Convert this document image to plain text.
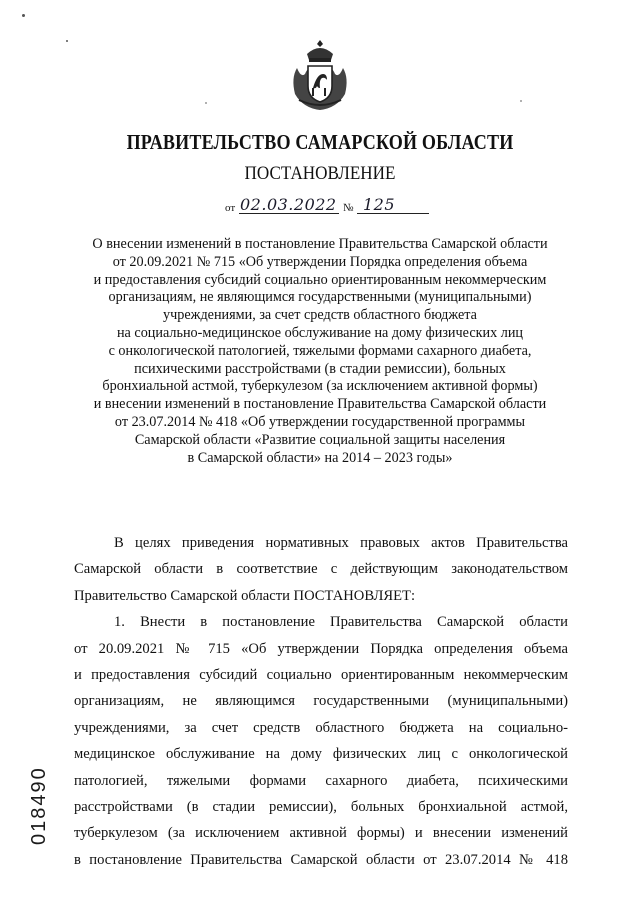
ПРАВИТЕЛЬСТВО САМАРСКОЙ ОБЛАСТИ
ПОСТАНОВЛЕНИЕ
от 02.03.2022 № 125
О внесении изменений в постановление Правительства Самарской области
от 20.09.2021 № 715 «Об утверждении Порядка определения объема
и предоставления субсидий социально ориентированным некоммерческим
организациям, не являющимся государственными (муниципальными)
учреждениями, за счет средств областного бюджета
на социально-медицинское обслуживание на дому физических лиц
с онкологической патологией, тяжелыми формами сахарного диабета,
психическими расстройствами (в стадии ремиссии), больных
бронхиальной астмой, туберкулезом (за исключением активной формы)
и внесении изменений в постановление Правительства Самарской области
от 23.07.2014 № 418 «Об утверждении государственной программы
Самарской области «Развитие социальной защиты населения
в Самарской области» на 2014 – 2023 годы»
В целях приведения нормативных правовых актов Правительства
Самарской области в соответствие с действующим законодательством
Правительство Самарской области ПОСТАНОВЛЯЕТ:
1. Внести в постановление Правительства Самарской области
от 20.09.2021 № 715 «Об утверждении Порядка определения объема
и предоставления субсидий социально ориентированным некоммерческим
организациям, не являющимся государственными (муниципальными)
учреждениями, за счет средств областного бюджета на социально-
медицинское обслуживание на дому физических лиц с онкологической
патологией, тяжелыми формами сахарного диабета, психическими
расстройствами (в стадии ремиссии), больных бронхиальной астмой,
туберкулезом (за исключением активной формы) и внесении изменений
в постановление Правительства Самарской области от 23.07.2014 № 418
018490
